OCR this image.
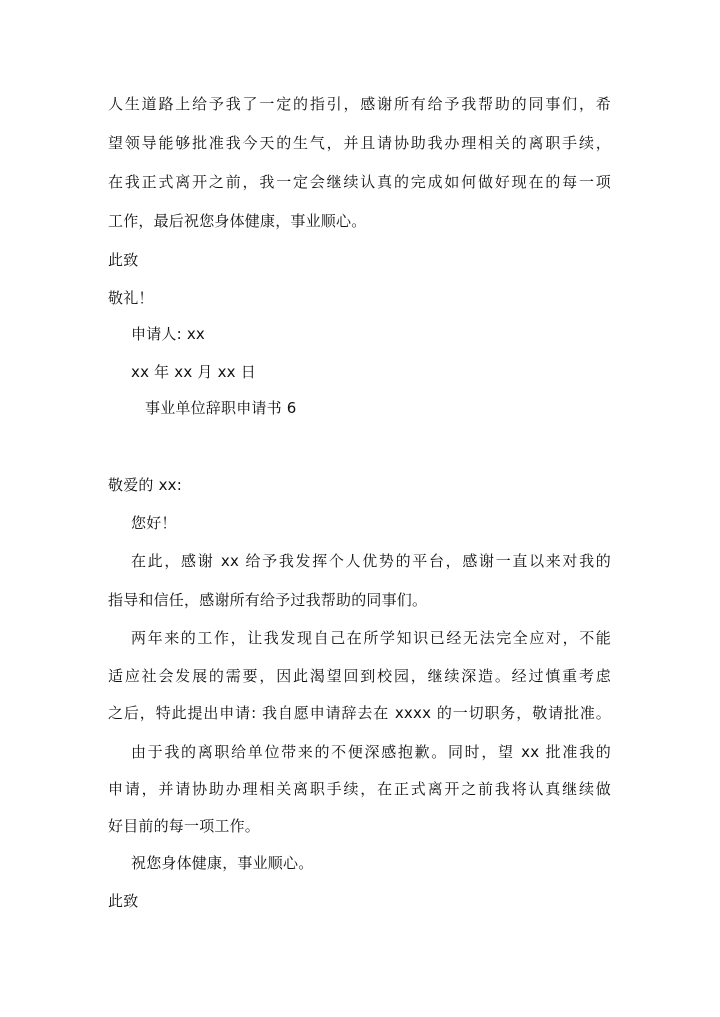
人生道路上给予我了一定的指引，感谢所有给予我帮助的同事们，希
望领导能够批准我今天的生气，并且请协助我办理相关的离职手续，
在我正式离开之前，我一定会继续认真的完成如何做好现在的每一项
工作，最后祝您身体健康，事业顺心。
此致
敬礼！
申请人: xx
xx 年 xx 月 xx 日
事业单位辞职申请书 6
敬爱的 xx:
您好！
在此，感谢 xx 给予我发挥个人优势的平台，感谢一直以来对我的
指导和信任，感谢所有给予过我帮助的同事们。
两年来的工作，让我发现自己在所学知识已经无法完全应对，不能
适应社会发展的需要，因此渴望回到校园，继续深造。经过慎重考虑
之后，特此提出申请: 我自愿申请辞去在 xxxx 的一切职务，敬请批准。
由于我的离职给单位带来的不便深感抱歉。同时，望 xx 批准我的
申请，并请协助办理相关离职手续，在正式离开之前我将认真继续做
好目前的每一项工作。
祝您身体健康，事业顺心。
此致
